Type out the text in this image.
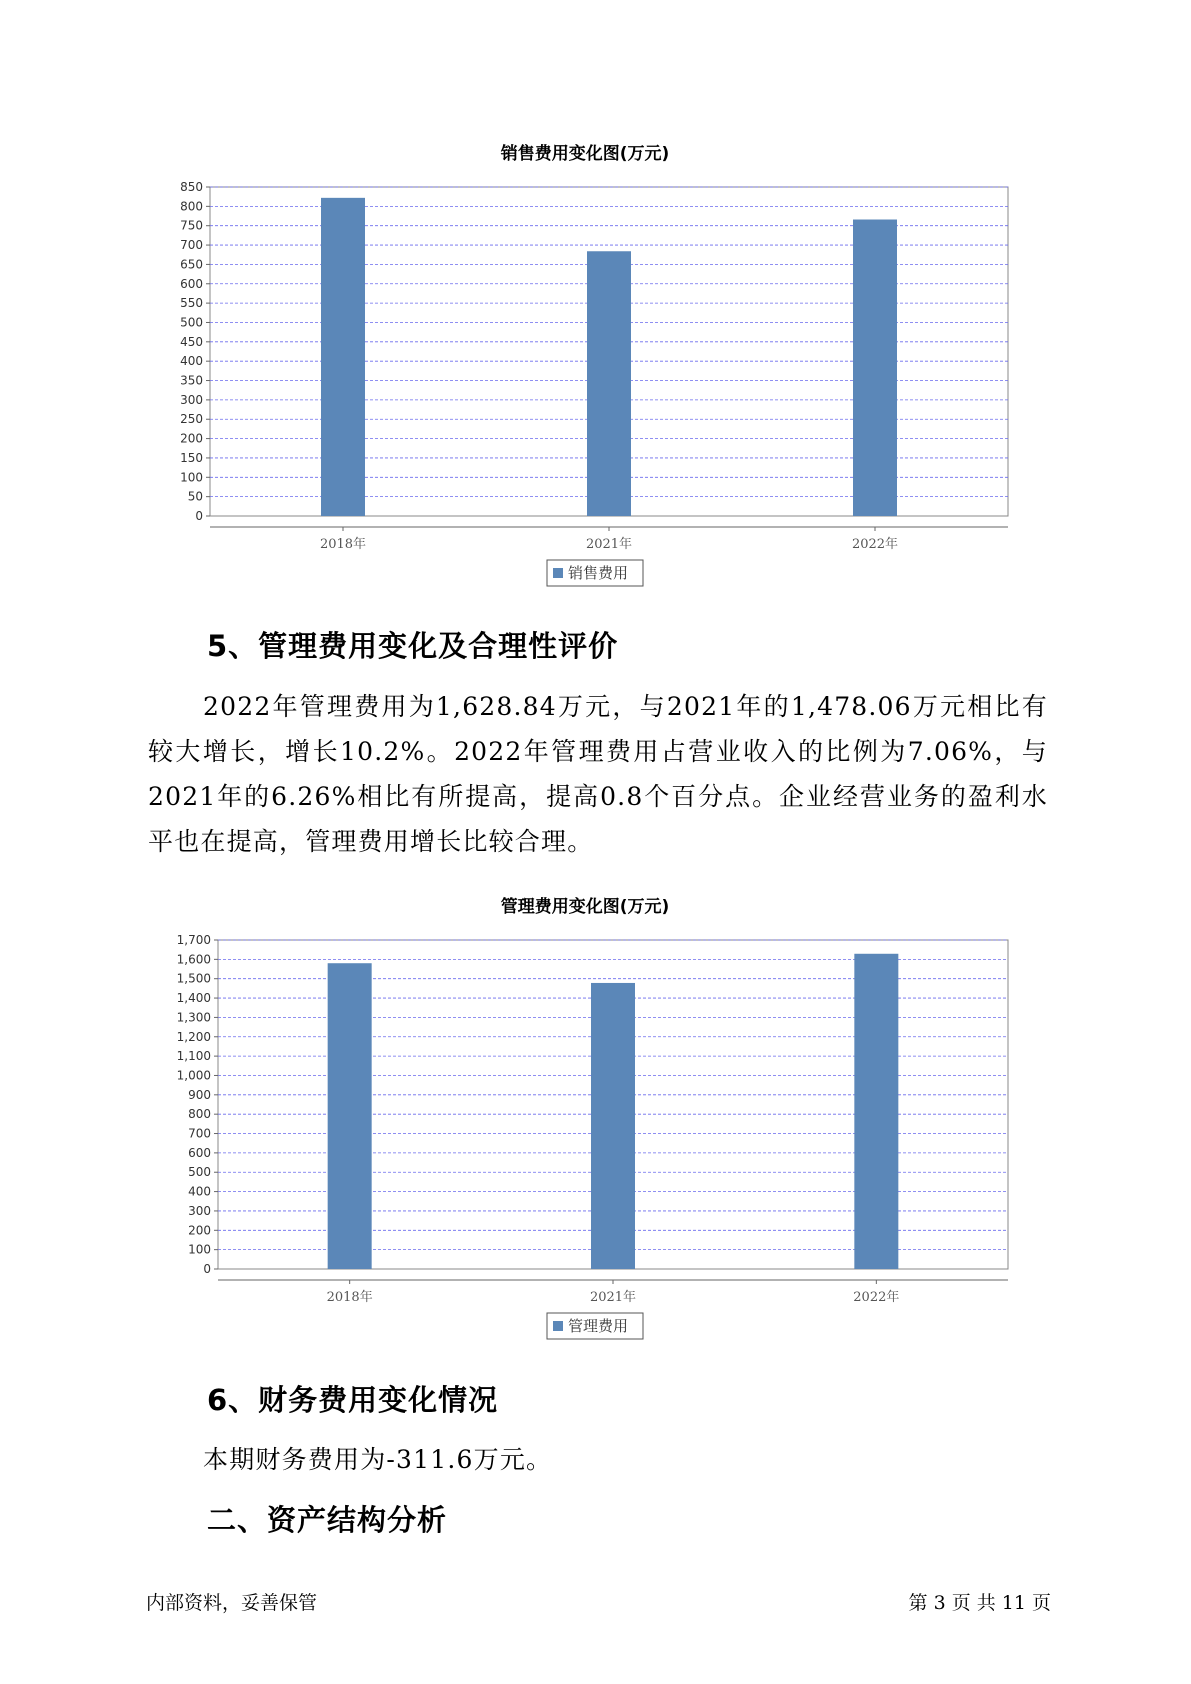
销售费用变化图(万元)
0
50
100
150
200
250
300
350
400
450
500
550
600
650
700
750
800
850
2018年	2021年	2022年
销售费用
5、管理费用变化及合理性评价

2022年管理费用为1,628.84万元，与2021年的1,478.06万元相比有较大增长，增长10.2%。2022年管理费用占营业收入的比例为7.06%，与2021年的6.26%相比有所提高，提高0.8个百分点。企业经营业务的盈利水平也在提高，管理费用增长比较合理。

管理费用变化图(万元)
0
100
200
300
400
500
600
700
800
900
1,000
1,100
1,200
1,300
1,400
1,500
1,600
1,700
2018年	2021年	2022年
管理费用
6、财务费用变化情况

本期财务费用为-311.6万元。

二、资产结构分析
内部资料，妥善保管	第 3 页 共 11 页
